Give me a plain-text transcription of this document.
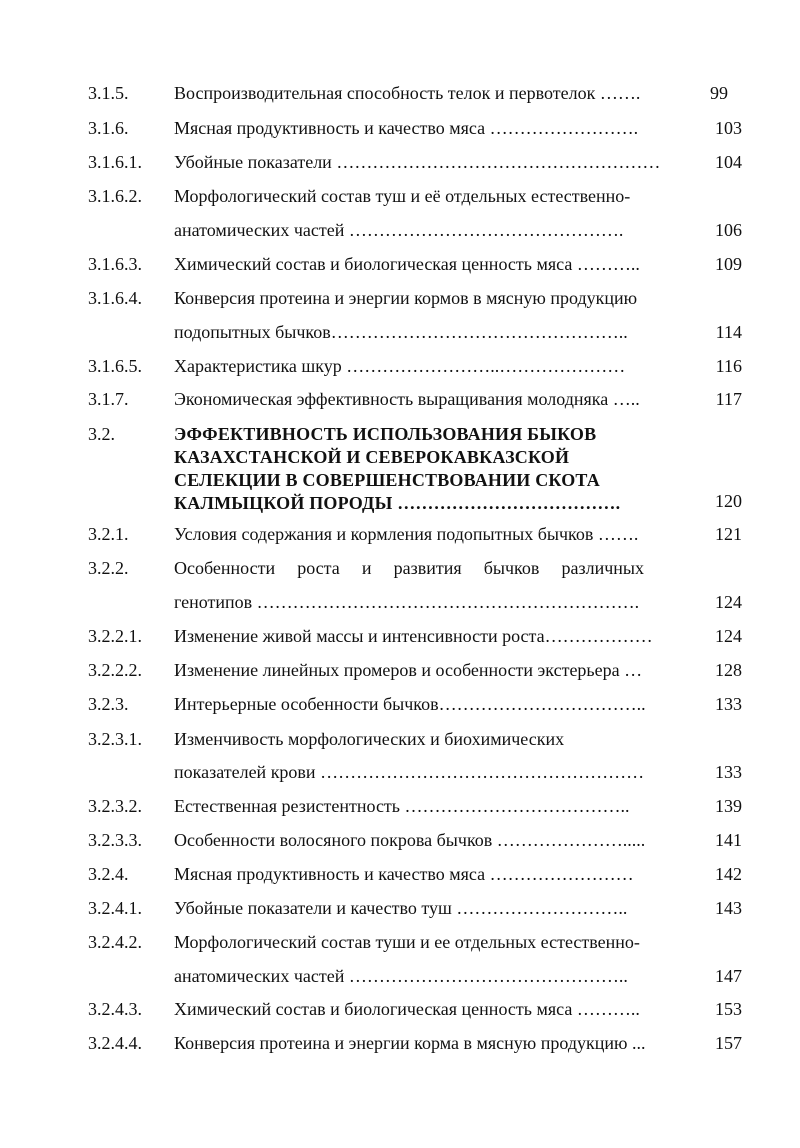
3.1.5.	Воспроизводительная способность телок и первотелок …….	99
3.1.6.	Мясная продуктивность и качество мяса …………………….	103
3.1.6.1. Убойные показатели ………………………………………………	104
3.1.6.2. Морфологический состав туш и её отдельных естественно-
анатомических частей ……………………………………….	106
3.1.6.3. Химический состав и биологическая ценность мяса ………..	109
3.1.6.4. Конверсия протеина и энергии кормов в мясную продукцию
подопытных бычков…………………………………………..	114
3.1.6.5. Характеристика шкур ……………………..…………………	116
3.1.7.	Экономическая эффективность выращивания молодняка …..	117
3.2.	ЭФФЕКТИВНОСТЬ ИСПОЛЬЗОВАНИЯ БЫКОВ
КАЗАХСТАНСКОЙ И СЕВЕРОКАВКАЗСКОЙ
СЕЛЕКЦИИ В СОВЕРШЕНСТВОВАНИИ СКОТА
КАЛМЫЦКОЙ ПОРОДЫ ……………………………….	120
3.2.1.	Условия содержания и кормления подопытных бычков …….	121
3.2.2.	Особенности роста и развития бычков различных
генотипов ……………………………………………………….	124
3.2.2.1. Изменение живой массы и интенсивности роста………………	124
3.2.2.2. Изменение линейных промеров и особенности экстерьера …	128
3.2.3.	Интерьерные особенности бычков……………………………..	133
3.2.3.1. Изменчивость морфологических и биохимических
показателей крови ………………………………………………	133
3.2.3.2. Естественная резистентность ………………………………..	139
3.2.3.3. Особенности волосяного покрова бычков ………………….....	141
3.2.4.	Мясная продуктивность и качество мяса ……………………	142
3.2.4.1. Убойные показатели и качество туш ………………………..	143
3.2.4.2. Морфологический состав туши и ее отдельных естественно-
анатомических частей ………………………………………..	147
3.2.4.3. Химический состав и биологическая ценность мяса ………..	153
3.2.4.4. Конверсия протеина и энергии корма в мясную продукцию ...	157
